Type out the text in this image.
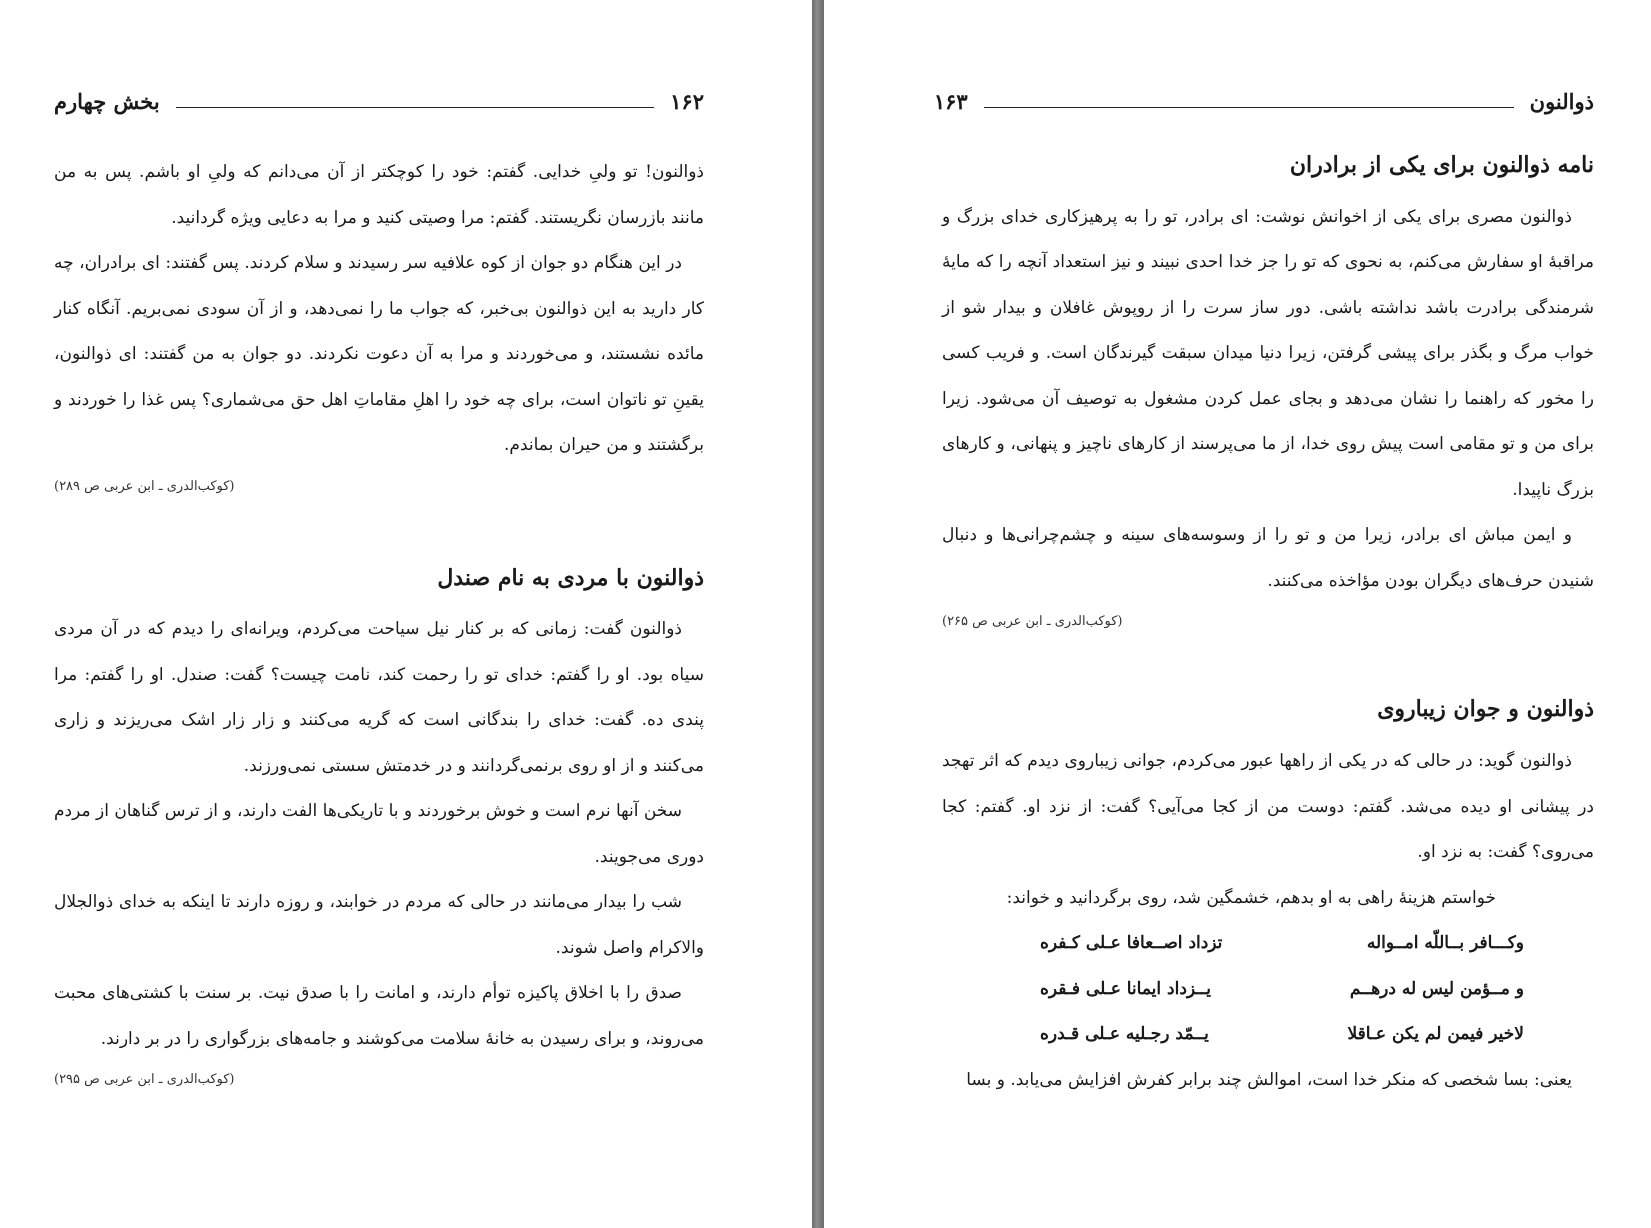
۱۶۲
بخش چهارم

ذوالنون! تو ولیِ خدایی. گفتم: خود را کوچکتر از آن می‌دانم که ولیِ او باشم. پس به من مانند بازرسان نگریستند. گفتم: مرا وصیتی کنید و مرا به دعایی ویژه گردانید.

در این هنگام دو جوان از کوه علافیه سر رسیدند و سلام کردند. پس گفتند: ای برادران، چه کار دارید به این ذوالنون بی‌خبر، که جواب ما را نمی‌دهد، و از آن سودی نمی‌بریم. آنگاه کنار مائده نشستند، و می‌خوردند و مرا به آن دعوت نکردند. دو جوان به من گفتند: ای ذوالنون، یقینِ تو ناتوان است، برای چه خود را اهلِ مقاماتِ اهل حق می‌شماری؟ پس غذا را خوردند و برگشتند و من حیران بماندم.

(کوکب‌الدری ـ ابن عربی ص ۲۸۹)

ذوالنون با مردی به نام صندل

ذوالنون گفت: زمانی که بر کنار نیل سیاحت می‌کردم، ویرانه‌ای را دیدم که در آن مردی سیاه بود. او را گفتم: خدای تو را رحمت کند، نامت چیست؟ گفت: صندل. او را گفتم: مرا پندی ده. گفت: خدای را بندگانی است که گریه می‌کنند و زار زار اشک می‌ریزند و زاری می‌کنند و از او روی برنمی‌گردانند و در خدمتش سستی نمی‌ورزند.

سخن آنها نرم است و خوش برخوردند و با تاریکی‌ها الفت دارند، و از ترس گناهان از مردم دوری می‌جویند.

شب را بیدار می‌مانند در حالی که مردم در خوابند، و روزه دارند تا اینکه به خدای ذوالجلال والاکرام واصل شوند.

صدق را با اخلاق پاکیزه توأم دارند، و امانت را با صدق نیت. بر سنت با کشتی‌های محبت می‌روند، و برای رسیدن به خانهٔ سلامت می‌کوشند و جامه‌های بزرگواری را در بر دارند.

(کوکب‌الدری ـ ابن عربی ص ۲۹۵)

ذوالنون
۱۶۳
نامه ذوالنون برای یکی از برادران

ذوالنون مصری برای یکی از اخوانش نوشت: ای برادر، تو را به پرهیزکاری خدای بزرگ و مراقبهٔ او سفارش می‌کنم، به نحوی که تو را جز خدا احدی نبیند و نیز استعداد آنچه را که مایهٔ شرمندگی برادرت باشد نداشته باشی. دور ساز سرت را از روپوش غافلان و بیدار شو از خواب مرگ و بگذر برای پیشی گرفتن، زیرا دنیا میدان سبقت گیرندگان است. و فریب کسی را مخور که راهنما را نشان می‌دهد و بجای عمل کردن مشغول به توصیف آن می‌شود. زیرا برای من و تو مقامی است پیش روی خدا، از ما می‌پرسند از کارهای ناچیز و پنهانی، و کارهای بزرگ ناپیدا.

و ایمن مباش ای برادر، زیرا من و تو را از وسوسه‌های سینه و چشم‌چرانی‌ها و دنبال شنیدن حرف‌های دیگران بودن مؤاخذه می‌کنند.

(کوکب‌الدری ـ ابن عربی ص ۲۶۵)

ذوالنون و جوان زیباروی

ذوالنون گوید: در حالی که در یکی از راهها عبور می‌کردم، جوانی زیباروی دیدم که اثر تهجد در پیشانی او دیده می‌شد. گفتم: دوست من از کجا می‌آیی؟ گفت: از نزد او. گفتم: کجا می‌روی؟ گفت: به نزد او.

خواستم هزینهٔ راهی به او بدهم، خشمگین شد، روی برگردانید و خواند:

وکـــافر بــاللّه امــواله
تزداد اصــعافا عـلی کـفره
و مــؤمن لیس له درهــم
یــزداد ایمانا عـلی فـقره
لاخیر فیمن لم یکن عـاقلا
یــمّد رجـلیه عـلی قـدره

یعنی: بسا شخصی که منکر خدا است، اموالش چند برابر کفرش افزایش می‌یابد. و بسا
